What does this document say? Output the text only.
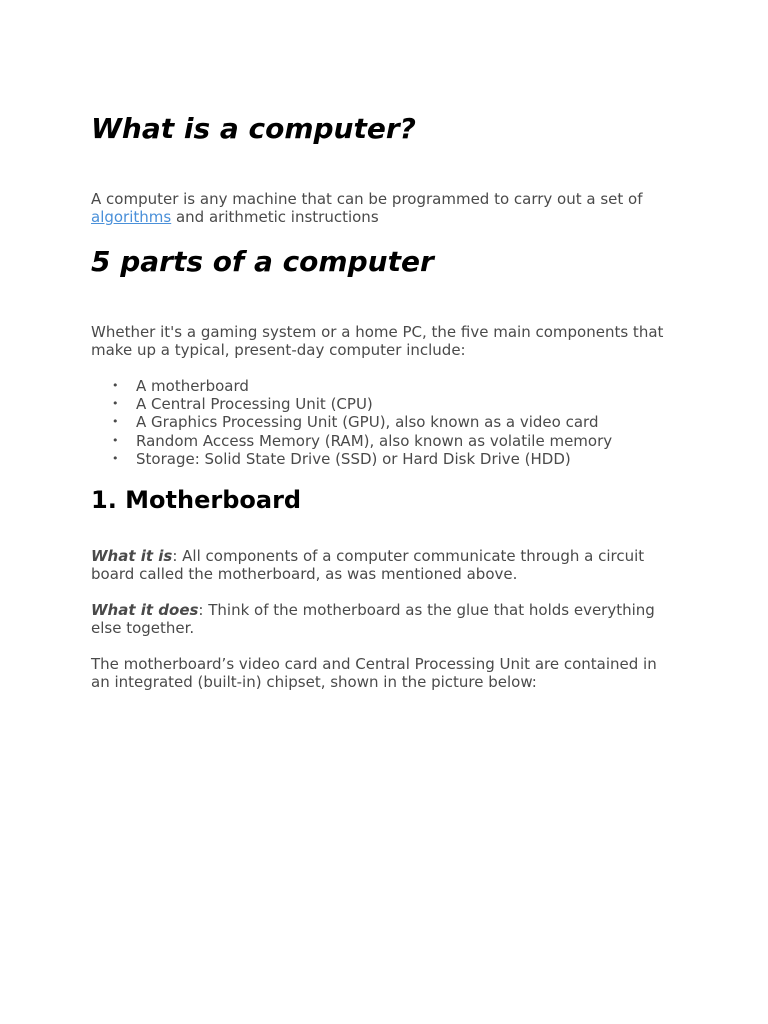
What is a computer?

A computer is any machine that can be programmed to carry out a set of algorithms and arithmetic instructions

5 parts of a computer

Whether it's a gaming system or a home PC, the five main components that make up a typical, present-day computer include:

• A motherboard
• A Central Processing Unit (CPU)
• A Graphics Processing Unit (GPU), also known as a video card
• Random Access Memory (RAM), also known as volatile memory
• Storage: Solid State Drive (SSD) or Hard Disk Drive (HDD)
1. Motherboard

What it is: All components of a computer communicate through a circuit board called the motherboard, as was mentioned above.

What it does: Think of the motherboard as the glue that holds everything else together.

The motherboard’s video card and Central Processing Unit are contained in an integrated (built-in) chipset, shown in the picture below:
